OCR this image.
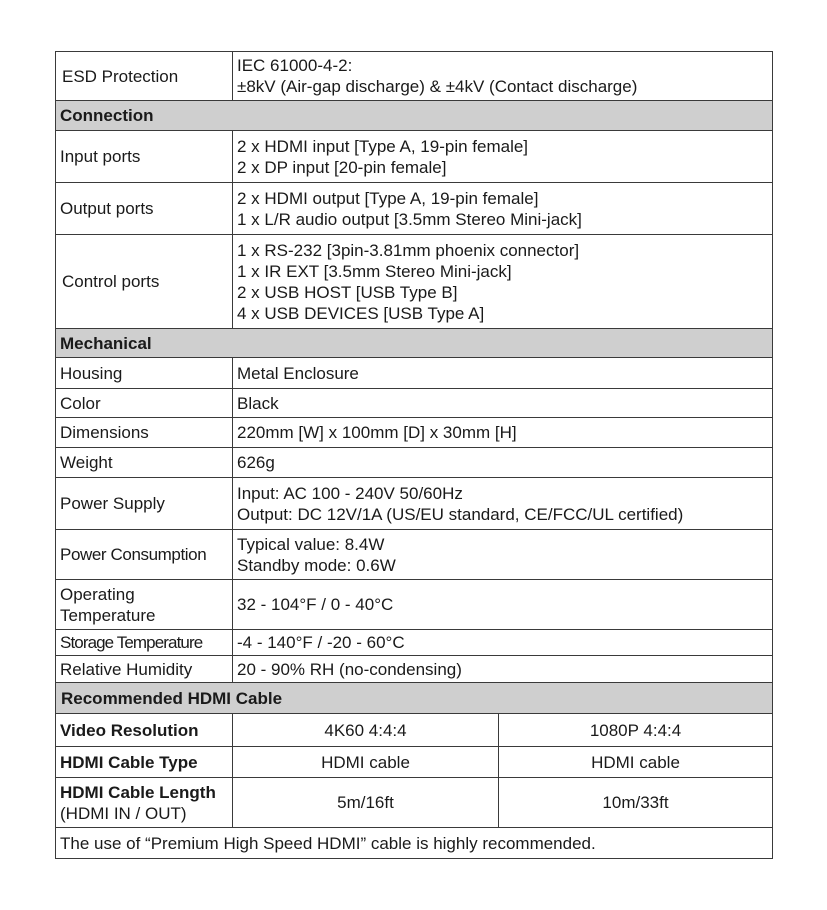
ESD Protection	IEC 61000-4-2:
±8kV (Air-gap discharge) & ±4kV (Contact discharge)	

Connection		
Input ports	2 x HDMI input [Type A, 19-pin female]
2 x DP input [20-pin female]	

Output ports	2 x HDMI output [Type A, 19-pin female]
1 x L/R audio output [3.5mm Stereo Mini-jack]	

Control ports	1 x RS-232 [3pin-3.81mm phoenix connector]
1 x IR EXT [3.5mm Stereo Mini-jack]
2 x USB HOST [USB Type B]
4 x USB DEVICES [USB Type A]	

Mechanical		
Housing	Metal Enclosure	
Color	Black	
Dimensions	220mm [W] x 100mm [D] x 30mm [H]	
Weight	626g	
Power Supply	Input: AC 100 - 240V 50/60Hz
Output: DC 12V/1A (US/EU standard, CE/FCC/UL certified)	

Power Consumption	Typical value: 8.4W
Standby mode: 0.6W	

Operating
Temperature	32 - 104°F / 0 - 40°C	
Storage Temperature	-4 - 140°F / -20 - 60°C	
Relative Humidity	20 - 90% RH (no-condensing)	
Recommended HDMI Cable		
Video Resolution	4K60 4:4:4	1080P 4:4:4
HDMI Cable Type	HDMI cable	HDMI cable

HDMI Cable Length
(HDMI IN / OUT)	5m/16ft	10m/33ft
The use of “Premium High Speed HDMI” cable is highly recommended.		
